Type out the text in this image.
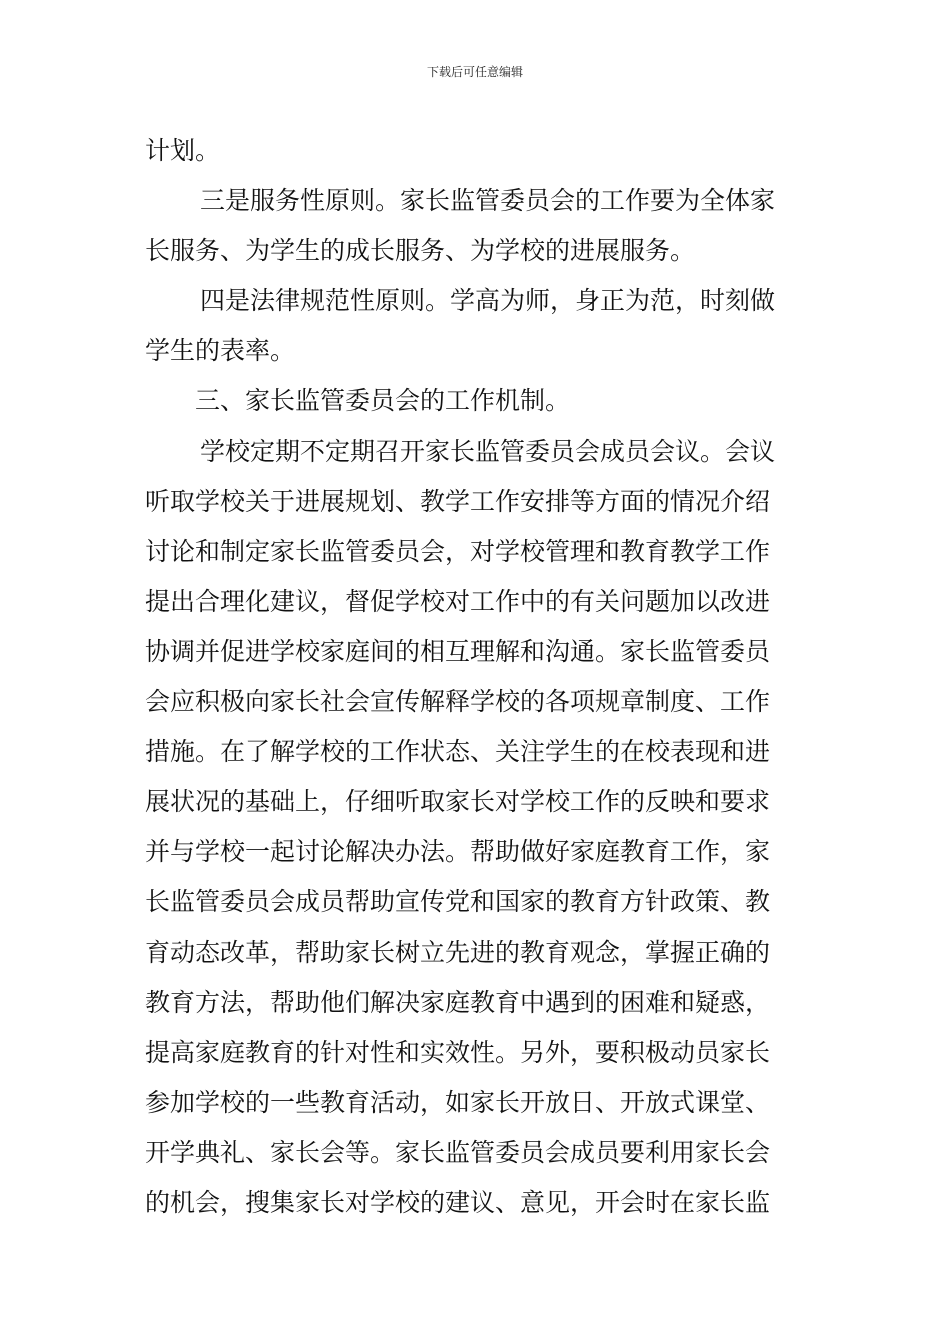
下载后可任意编辑
计划。
三是服务性原则。家长监管委员会的工作要为全体家
长服务、为学生的成长服务、为学校的进展服务。
四是法律规范性原则。学高为师，身正为范，时刻做
学生的表率。
三、家长监管委员会的工作机制。
学校定期不定期召开家长监管委员会成员会议。会议
听取学校关于进展规划、教学工作安排等方面的情况介绍
讨论和制定家长监管委员会，对学校管理和教育教学工作
提出合理化建议，督促学校对工作中的有关问题加以改进
协调并促进学校家庭间的相互理解和沟通。家长监管委员
会应积极向家长社会宣传解释学校的各项规章制度、工作
措施。在了解学校的工作状态、关注学生的在校表现和进
展状况的基础上，仔细听取家长对学校工作的反映和要求
并与学校一起讨论解决办法。帮助做好家庭教育工作，家
长监管委员会成员帮助宣传党和国家的教育方针政策、教
育动态改革，帮助家长树立先进的教育观念，掌握正确的
教育方法，帮助他们解决家庭教育中遇到的困难和疑惑，
提高家庭教育的针对性和实效性。另外，要积极动员家长
参加学校的一些教育活动，如家长开放日、开放式课堂、
开学典礼、家长会等。家长监管委员会成员要利用家长会
的机会，搜集家长对学校的建议、意见，开会时在家长监
